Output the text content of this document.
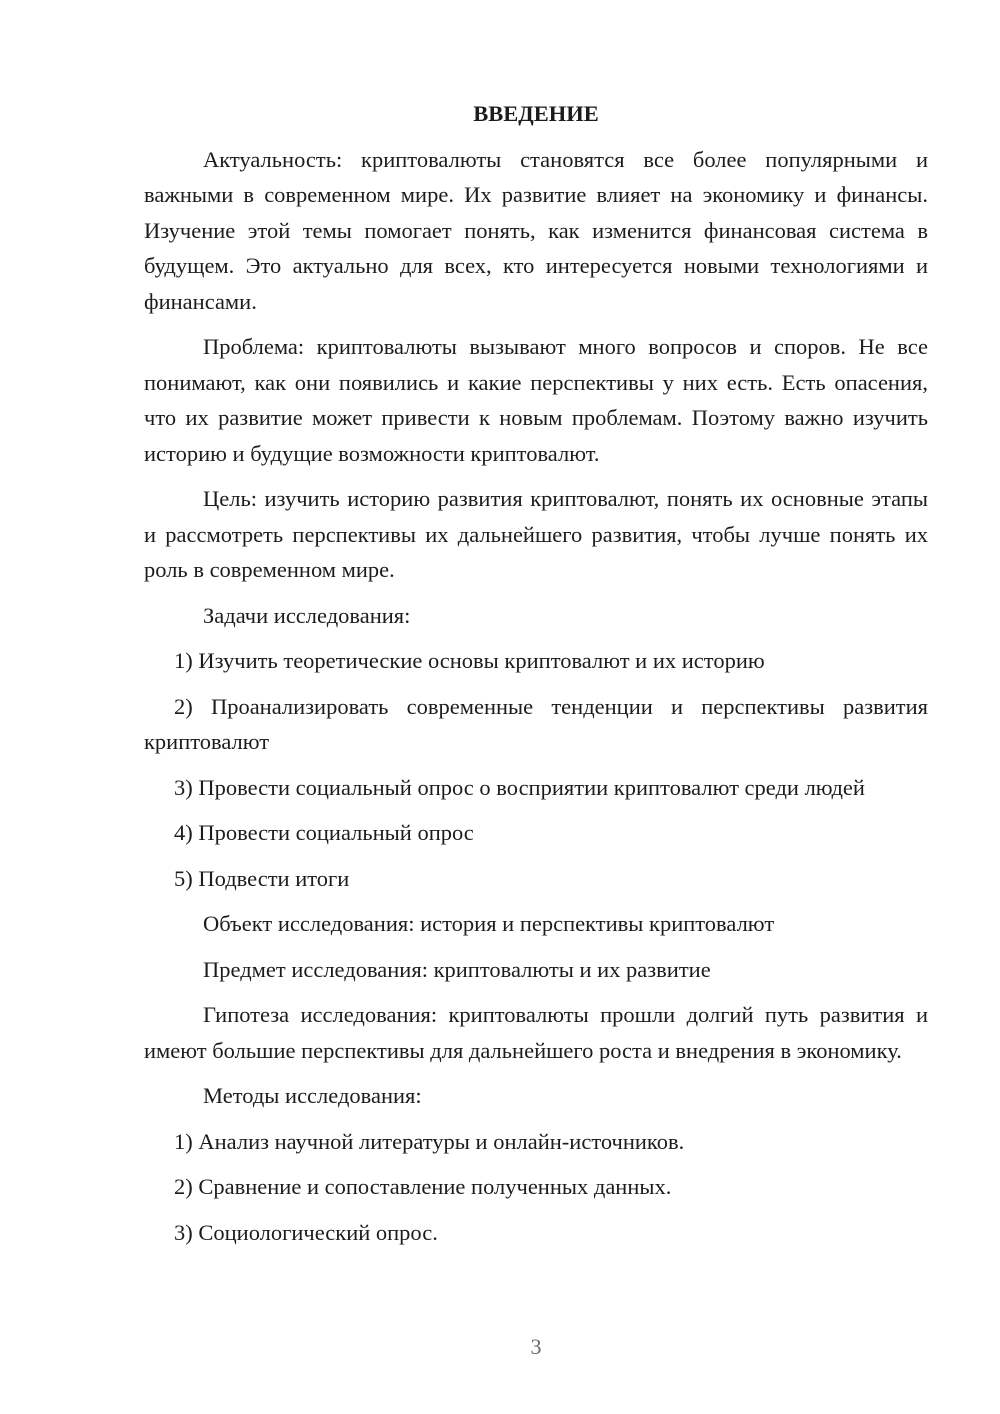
ВВЕДЕНИЕ

Актуальность: криптовалюты становятся все более популярными и важными в современном мире. Их развитие влияет на экономику и финансы. Изучение этой темы помогает понять, как изменится финансовая система в будущем. Это актуально для всех, кто интересуется новыми технологиями и финансами.

Проблема: криптовалюты вызывают много вопросов и споров. Не все понимают, как они появились и какие перспективы у них есть. Есть опасения, что их развитие может привести к новым проблемам. Поэтому важно изучить историю и будущие возможности криптовалют.

Цель: изучить историю развития криптовалют, понять их основные этапы и рассмотреть перспективы их дальнейшего развития, чтобы лучше понять их роль в современном мире.

Задачи исследования:

1) Изучить теоретические основы криптовалют и их историю

2) Проанализировать современные тенденции и перспективы развития криптовалют

3) Провести социальный опрос о восприятии криптовалют среди людей

4) Провести социальный опрос

5) Подвести итоги

Объект исследования: история и перспективы криптовалют

Предмет исследования: криптовалюты и их развитие

Гипотеза исследования: криптовалюты прошли долгий путь развития и имеют большие перспективы для дальнейшего роста и внедрения в экономику.

Методы исследования:

1) Анализ научной литературы и онлайн-источников.

2) Сравнение и сопоставление полученных данных.

3) Социологический опрос.

3
